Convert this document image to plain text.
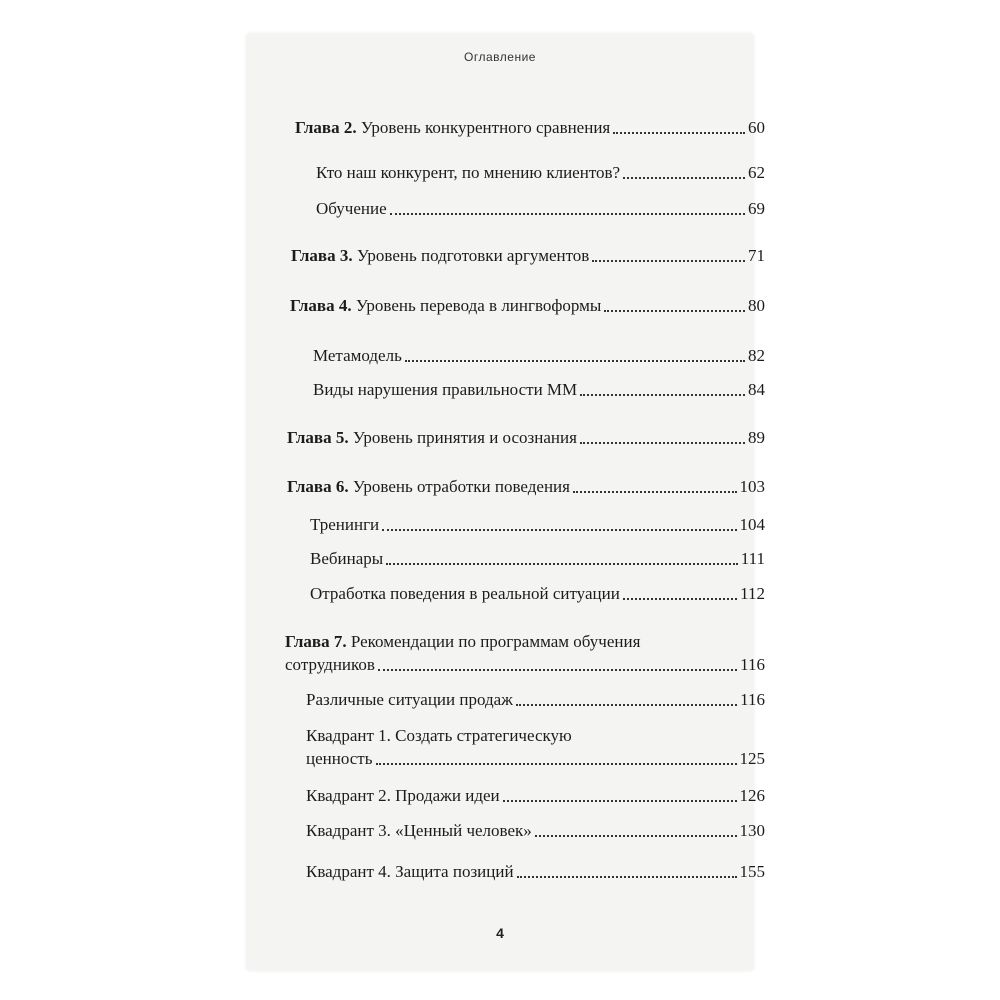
Оглавление
Глава 2. Уровень конкурентного сравнения	60
Кто наш конкурент, по мнению клиентов?	62
Обучение	69
Глава 3. Уровень подготовки аргументов	71
Глава 4. Уровень перевода в лингвоформы	80
Метамодель	82
Виды нарушения правильности ММ	84
Глава 5. Уровень принятия и осознания	89
Глава 6. Уровень отработки поведения	103
Тренинги	104
Вебинары	111
Отработка поведения в реальной ситуации	112
Глава 7. Рекомендации по программам обучения
сотрудников	116
Различные ситуации продаж	116
Квадрант 1. Создать стратегическую
ценность	125
Квадрант 2. Продажи идеи	126
Квадрант 3. «Ценный человек»	130
Квадрант 4. Защита позиций	155
4
